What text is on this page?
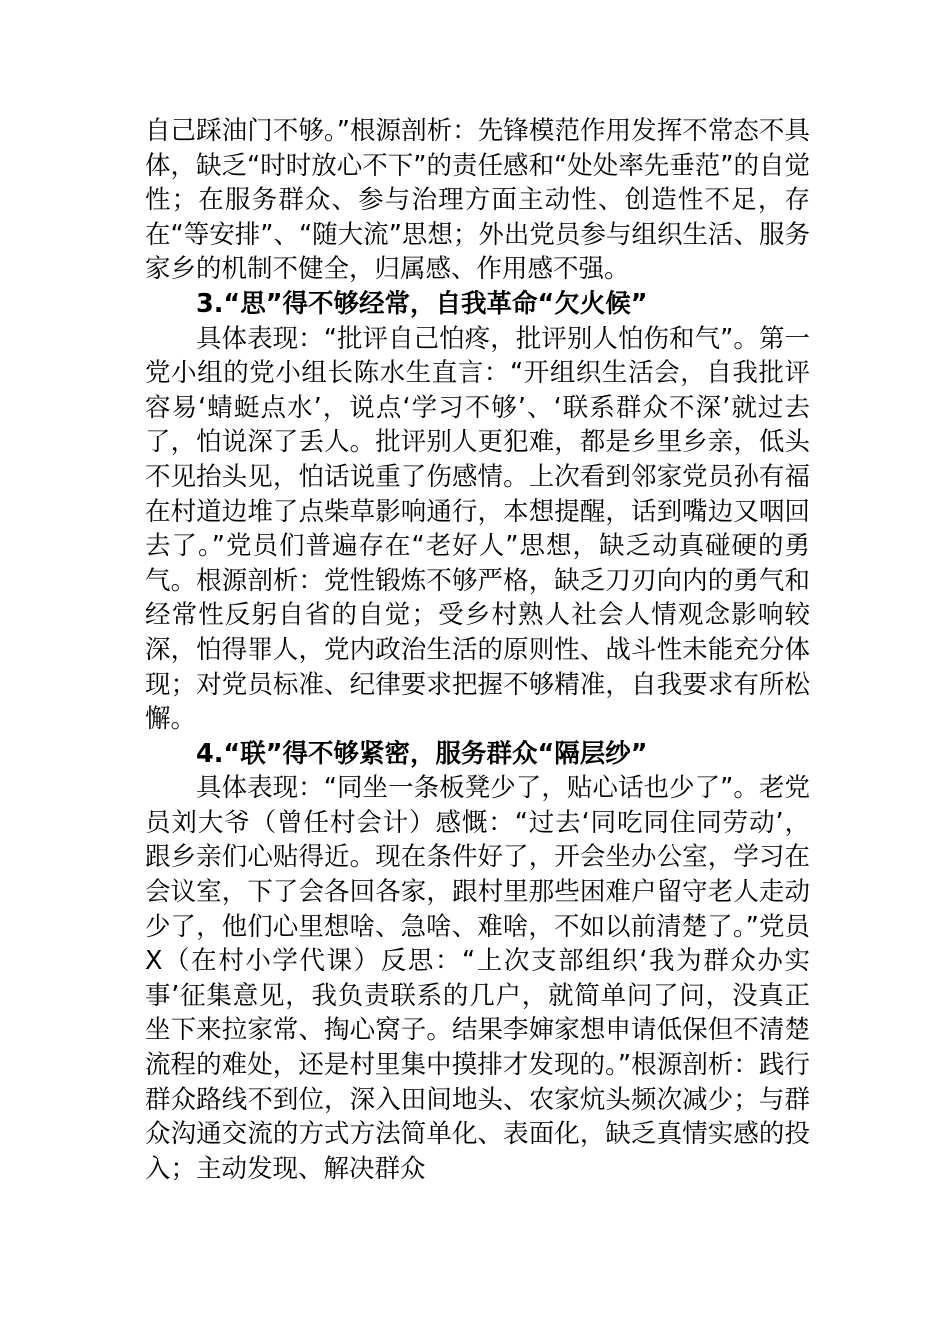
自己踩油门不够。”根源剖析：先锋模范作用发挥不常态不具体，缺乏“时时放心不下”的责任感和“处处率先垂范”的自觉性；在服务群众、参与治理方面主动性、创造性不足，存在“等安排”、“随大流”思想；外出党员参与组织生活、服务家乡的机制不健全，归属感、作用感不强。

3.“思”得不够经常，自我革命“欠火候”

具体表现：“批评自己怕疼，批评别人怕伤和气”。第一党小组的党小组长陈水生直言：“开组织生活会，自我批评容易‘蜻蜓点水’，说点‘学习不够’、‘联系群众不深’就过去了，怕说深了丢人。批评别人更犯难，都是乡里乡亲，低头不见抬头见，怕话说重了伤感情。上次看到邻家党员孙有福在村道边堆了点柴草影响通行，本想提醒，话到嘴边又咽回去了。”党员们普遍存在“老好人”思想，缺乏动真碰硬的勇气。根源剖析：党性锻炼不够严格，缺乏刀刃向内的勇气和经常性反躬自省的自觉；受乡村熟人社会人情观念影响较深，怕得罪人，党内政治生活的原则性、战斗性未能充分体现；对党员标准、纪律要求把握不够精准，自我要求有所松懈。

4.“联”得不够紧密，服务群众“隔层纱”

具体表现：“同坐一条板凳少了，贴心话也少了”。老党员刘大爷（曾任村会计）感慨：“过去‘同吃同住同劳动’，跟乡亲们心贴得近。现在条件好了，开会坐办公室，学习在会议室，下了会各回各家，跟村里那些困难户留守老人走动少了，他们心里想啥、急啥、难啥，不如以前清楚了。”党员X（在村小学代课）反思：“上次支部组织‘我为群众办实事’征集意见，我负责联系的几户，就简单问了问，没真正坐下来拉家常、掏心窝子。结果李婶家想申请低保但不清楚流程的难处，还是村里集中摸排才发现的。”根源剖析：践行群众路线不到位，深入田间地头、农家炕头频次减少；与群众沟通交流的方式方法简单化、表面化，缺乏真情实感的投入；主动发现、解决群众
